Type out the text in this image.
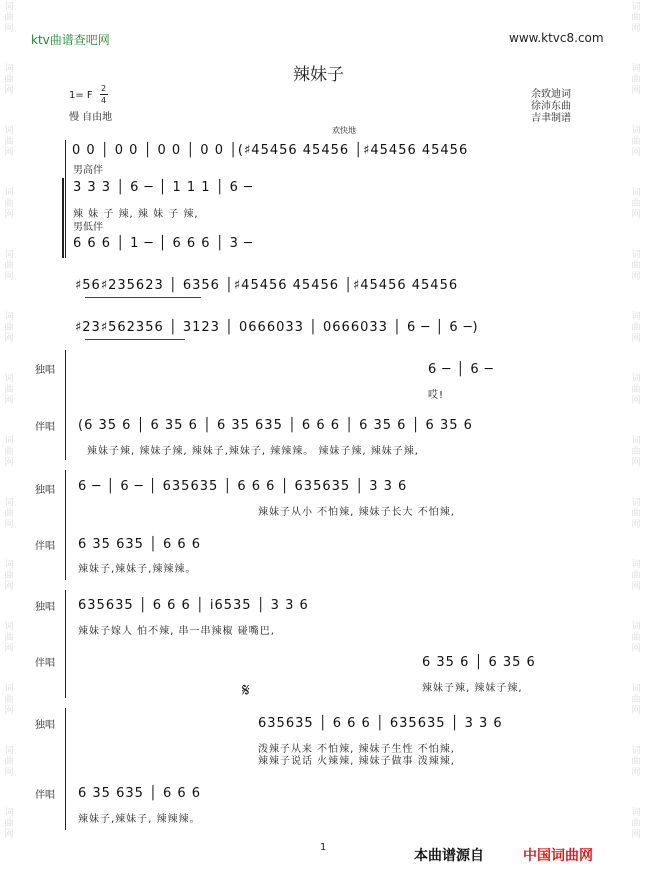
词
曲
网
词
曲
网
词
曲
网
词
曲
网
词
曲
网
词
曲
网
词
曲
网
词
曲
网
词
曲
网
词
曲
网
词
曲
网
词
曲
网
词
曲
网
词
曲
网
词
曲
网
词
曲
网
词
曲
网
词
曲
网
词
曲
网
词
曲
网
词
曲
网
词
曲
网
词
曲
网
词
曲
网
词
曲
网
词
曲
网
词
曲
网
词
曲
网
ktv曲谱查吧网	www.ktvc8.com
辣妹子
1= F
2
4
慢 自由地
余致迪词
徐沛东曲
吉聿制谱
欢快地
0 0 │ 0 0 │ 0 0 │ 0 0 │(♯45456 45456 │♯45456 45456
男高伴
3 3 3 │ 6 ─ │ 1 1 1 │ 6 ─
辣 妹 子 辣, 辣 妹 子 辣,
男低伴
6 6 6 │ 1 ─ │ 6 6 6 │ 3 ─
♯56♯235623 │ 6356 │♯45456 45456 │♯45456 45456
♯23♯562356 │ 3123 │ 0666033 │ 0666033 │ 6 ─ │ 6 ─)
独唱	6 ─ │ 6 ─
哎!
伴唱 (6 35 6 │ 6 35 6 │ 6 35 635 │ 6 6 6 │ 6 35 6 │ 6 35 6
辣妹子辣, 辣妹子辣, 辣妹子,辣妹子, 辣辣辣。 辣妹子辣, 辣妹子辣,
独唱 6 ─ │ 6 ─ │ 635635 │ 6 6 6 │ 635635 │ 3 3 6
辣妹子从小 不怕辣, 辣妹子长大 不怕辣,
伴唱 6 35 635 │ 6 6 6
辣妹子,辣妹子,辣辣辣。
独唱 635635 │ 6 6 6 │ i6535 │ 3 3 6
辣妹子嫁人 怕不辣, 串一串辣椒 碰嘴巴,
伴唱	6 35 6 │ 6 35 6
辣妹子辣, 辣妹子辣,
𝄋
独唱	635635 │ 6 6 6 │ 635635 │ 3 3 6
泼辣子从来 不怕辣, 辣妹子生性 不怕辣,
辣辣子说话 火辣辣, 辣妹子做事 泼辣辣,
伴唱 6 35 635 │ 6 6 6
辣妹子,辣妹子, 辣辣辣。
1
本曲谱源自	中国词曲网
